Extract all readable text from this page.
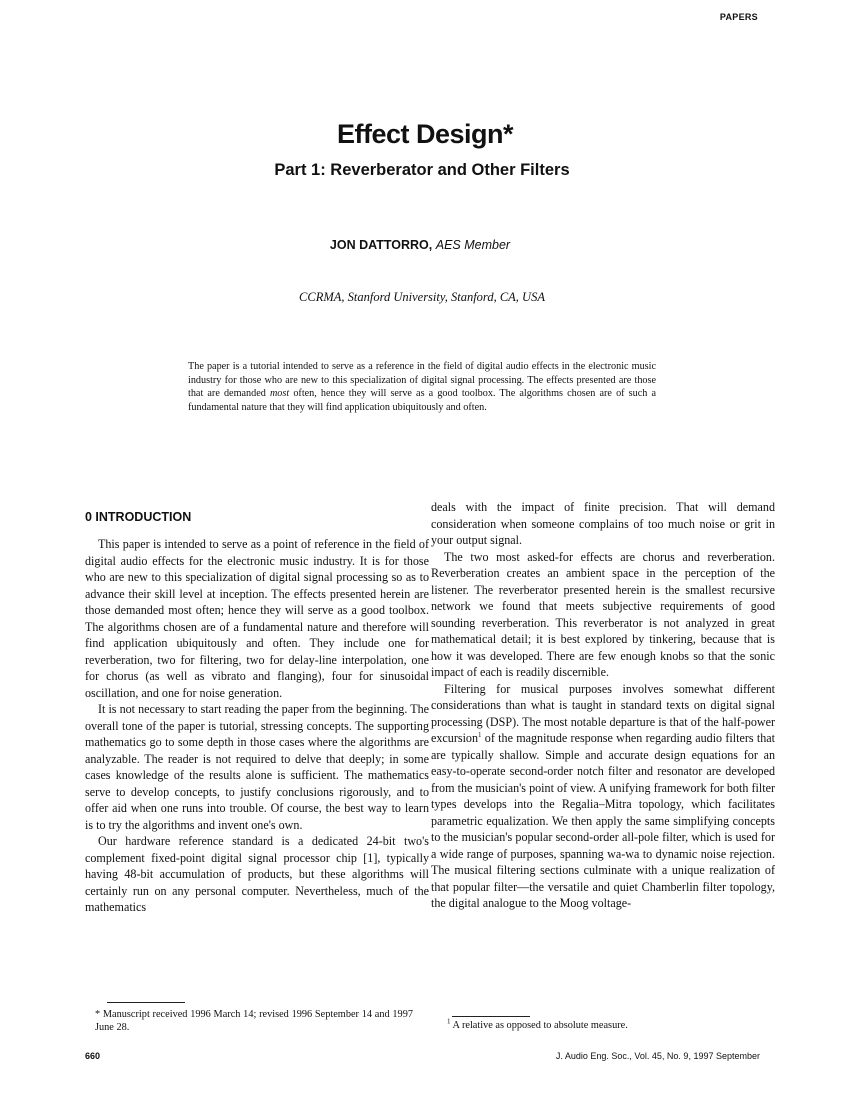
PAPERS
Effect Design*
Part 1: Reverberator and Other Filters
JON DATTORRO, AES Member
CCRMA, Stanford University, Stanford, CA, USA
The paper is a tutorial intended to serve as a reference in the field of digital audio effects in the electronic music industry for those who are new to this specialization of digital signal processing. The effects presented are those that are demanded most often, hence they will serve as a good toolbox. The algorithms chosen are of such a fundamental nature that they will find application ubiquitously and often.
0 INTRODUCTION

This paper is intended to serve as a point of reference in the field of digital audio effects for the electronic music industry. It is for those who are new to this specialization of digital signal processing so as to advance their skill level at inception. The effects presented herein are those demanded most often; hence they will serve as a good toolbox. The algorithms chosen are of a fundamental nature and therefore will find application ubiquitously and often. They include one for reverberation, two for filtering, two for delay-line interpolation, one for chorus (as well as vibrato and flanging), four for sinusoidal oscillation, and one for noise generation.

It is not necessary to start reading the paper from the beginning. The overall tone of the paper is tutorial, stressing concepts. The supporting mathematics go to some depth in those cases where the algorithms are analyzable. The reader is not required to delve that deeply; in some cases knowledge of the results alone is sufficient. The mathematics serve to develop concepts, to justify conclusions rigorously, and to offer aid when one runs into trouble. Of course, the best way to learn is to try the algorithms and invent one's own.

Our hardware reference standard is a dedicated 24-bit two's complement fixed-point digital signal processor chip [1], typically having 48-bit accumulation of products, but these algorithms will certainly run on any personal computer. Nevertheless, much of the mathematics

deals with the impact of finite precision. That will demand consideration when someone complains of too much noise or grit in your output signal.

The two most asked-for effects are chorus and reverberation. Reverberation creates an ambient space in the perception of the listener. The reverberator presented herein is the smallest recursive network we found that meets subjective requirements of good sounding reverberation. This reverberator is not analyzed in great mathematical detail; it is best explored by tinkering, because that is how it was developed. There are few enough knobs so that the sonic impact of each is readily discernible.

Filtering for musical purposes involves somewhat different considerations than what is taught in standard texts on digital signal processing (DSP). The most notable departure is that of the half-power excursion$^1$ of the magnitude response when regarding audio filters that are typically shallow. Simple and accurate design equations for an easy-to-operate second-order notch filter and resonator are developed from the musician's point of view. A unifying framework for both filter types develops into the Regalia–Mitra topology, which facilitates parametric equalization. We then apply the same simplifying concepts to the musician's popular second-order all-pole filter, which is used for a wide range of purposes, spanning wa-wa to dynamic noise rejection. The musical filtering sections culminate with a unique realization of that popular filter—the versatile and quiet Chamberlin filter topology, the digital analogue to the Moog voltage-

* Manuscript received 1996 March 14; revised 1996 September 14 and 1997 June 28.	$^1$ A relative as opposed to absolute measure.
660	J. Audio Eng. Soc., Vol. 45, No. 9, 1997 September
